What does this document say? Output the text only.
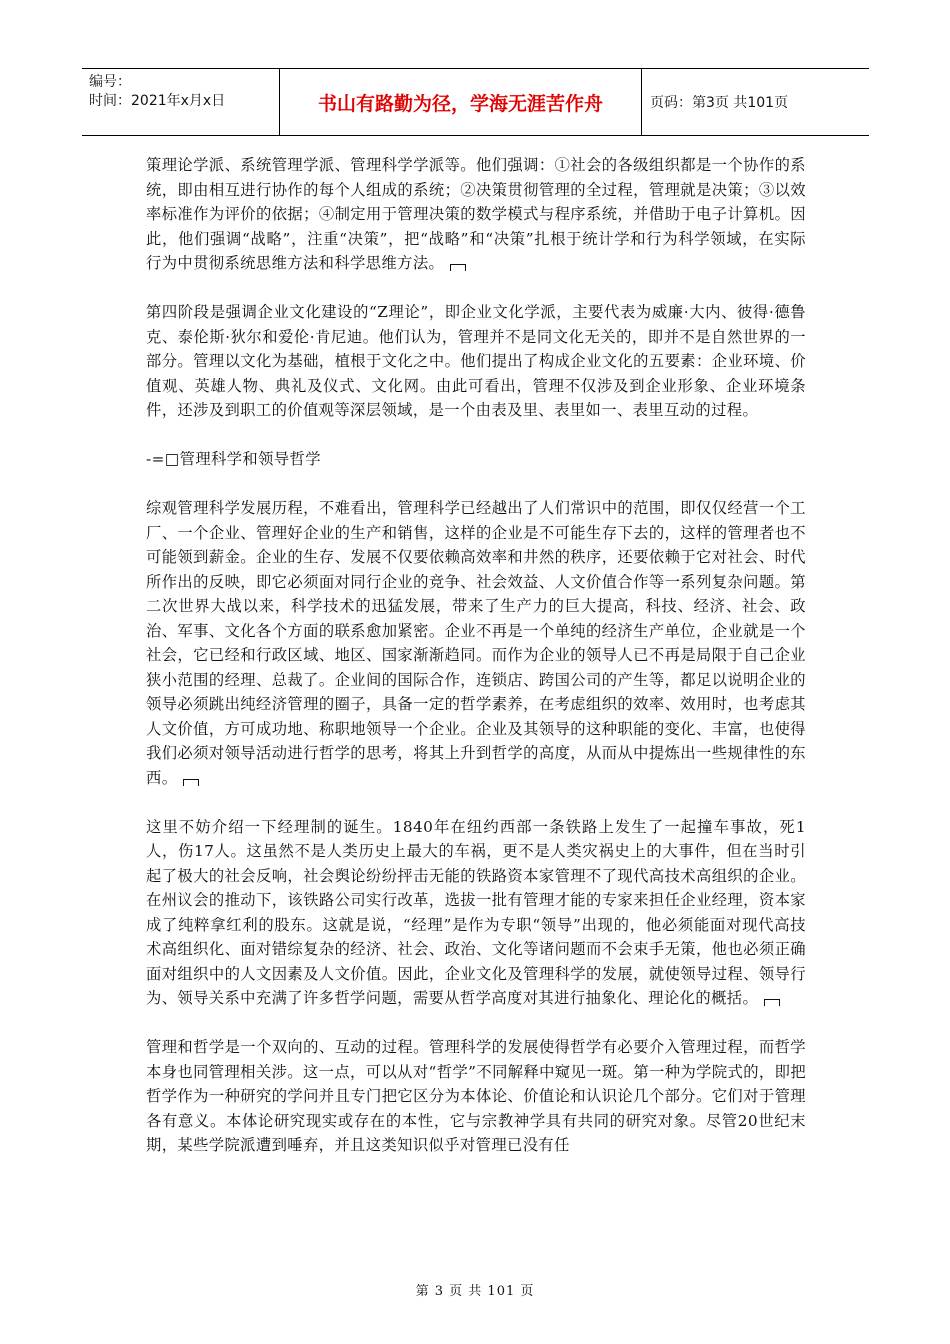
编号：
时间：2021年x月x日	书山有路勤为径，学海无涯苦作舟	页码：第3页 共101页

策理论学派、系统管理学派、管理科学学派等。他们强调：①社会的各级组织都是一个协作的系统，即由相互进行协作的每个人组成的系统；②决策贯彻管理的全过程，管理就是决策；③以效率标准作为评价的依据；④制定用于管理决策的数学模式与程序系统，并借助于电子计算机。因此，他们强调“战略”，注重“决策”，把“战略”和“决策”扎根于统计学和行为科学领域，在实际行为中贯彻系统思维方法和科学思维方法。

第四阶段是强调企业文化建设的“Z理论”，即企业文化学派，主要代表为威廉·大内、彼得·德鲁克、泰伦斯·狄尔和爱伦·肯尼迪。他们认为，管理并不是同文化无关的，即并不是自然世界的一部分。管理以文化为基础，植根于文化之中。他们提出了构成企业文化的五要素：企业环境、价值观、英雄人物、典礼及仪式、文化网。由此可看出，管理不仅涉及到企业形象、企业环境条件，还涉及到职工的价值观等深层领域，是一个由表及里、表里如一、表里互动的过程。

-=□管理科学和领导哲学

综观管理科学发展历程，不难看出，管理科学已经越出了人们常识中的范围，即仅仅经营一个工厂、一个企业、管理好企业的生产和销售，这样的企业是不可能生存下去的，这样的管理者也不可能领到薪金。企业的生存、发展不仅要依赖高效率和井然的秩序，还要依赖于它对社会、时代所作出的反映，即它必须面对同行企业的竞争、社会效益、人文价值合作等一系列复杂问题。第二次世界大战以来，科学技术的迅猛发展，带来了生产力的巨大提高，科技、经济、社会、政治、军事、文化各个方面的联系愈加紧密。企业不再是一个单纯的经济生产单位，企业就是一个社会，它已经和行政区域、地区、国家渐渐趋同。而作为企业的领导人已不再是局限于自己企业狭小范围的经理、总裁了。企业间的国际合作，连锁店、跨国公司的产生等，都足以说明企业的领导必须跳出纯经济管理的圈子，具备一定的哲学素养，在考虑组织的效率、效用时，也考虑其人文价值，方可成功地、称职地领导一个企业。企业及其领导的这种职能的变化、丰富，也使得我们必须对领导活动进行哲学的思考，将其上升到哲学的高度，从而从中提炼出一些规律性的东西。

这里不妨介绍一下经理制的诞生。1840年在纽约西部一条铁路上发生了一起撞车事故，死1人，伤17人。这虽然不是人类历史上最大的车祸，更不是人类灾祸史上的大事件，但在当时引起了极大的社会反响，社会舆论纷纷抨击无能的铁路资本家管理不了现代高技术高组织的企业。在州议会的推动下，该铁路公司实行改革，选拔一批有管理才能的专家来担任企业经理，资本家成了纯粹拿红利的股东。这就是说，“经理”是作为专职“领导”出现的，他必须能面对现代高技术高组织化、面对错综复杂的经济、社会、政治、文化等诸问题而不会束手无策，他也必须正确面对组织中的人文因素及人文价值。因此，企业文化及管理科学的发展，就使领导过程、领导行为、领导关系中充满了许多哲学问题，需要从哲学高度对其进行抽象化、理论化的概括。

管理和哲学是一个双向的、互动的过程。管理科学的发展使得哲学有必要介入管理过程，而哲学本身也同管理相关涉。这一点，可以从对“哲学”不同解释中窥见一斑。第一种为学院式的，即把哲学作为一种研究的学问并且专门把它区分为本体论、价值论和认识论几个部分。它们对于管理各有意义。本体论研究现实或存在的本性，它与宗教神学具有共同的研究对象。尽管20世纪末期，某些学院派遭到唾弃，并且这类知识似乎对管理已没有任

第 3 页 共 101 页
